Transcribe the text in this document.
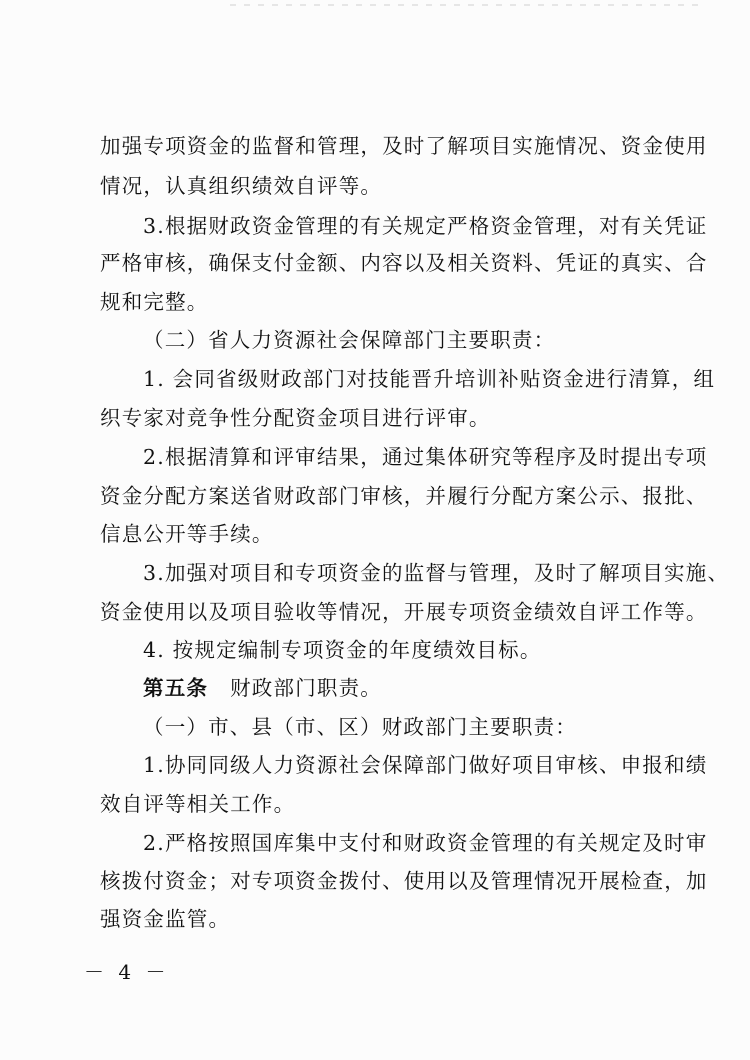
加强专项资金的监督和管理，及时了解项目实施情况、资金使用
情况，认真组织绩效自评等。
3.根据财政资金管理的有关规定严格资金管理，对有关凭证
严格审核，确保支付金额、内容以及相关资料、凭证的真实、合
规和完整。
（二）省人力资源社会保障部门主要职责：
1. 会同省级财政部门对技能晋升培训补贴资金进行清算，组
织专家对竞争性分配资金项目进行评审。
2.根据清算和评审结果，通过集体研究等程序及时提出专项
资金分配方案送省财政部门审核，并履行分配方案公示、报批、
信息公开等手续。
3.加强对项目和专项资金的监督与管理，及时了解项目实施、
资金使用以及项目验收等情况，开展专项资金绩效自评工作等。
4. 按规定编制专项资金的年度绩效目标。
第五条 财政部门职责。
（一）市、县（市、区）财政部门主要职责：
1.协同同级人力资源社会保障部门做好项目审核、申报和绩
效自评等相关工作。
2.严格按照国库集中支付和财政资金管理的有关规定及时审
核拨付资金；对专项资金拨付、使用以及管理情况开展检查，加
强资金监管。
－ 4 －
